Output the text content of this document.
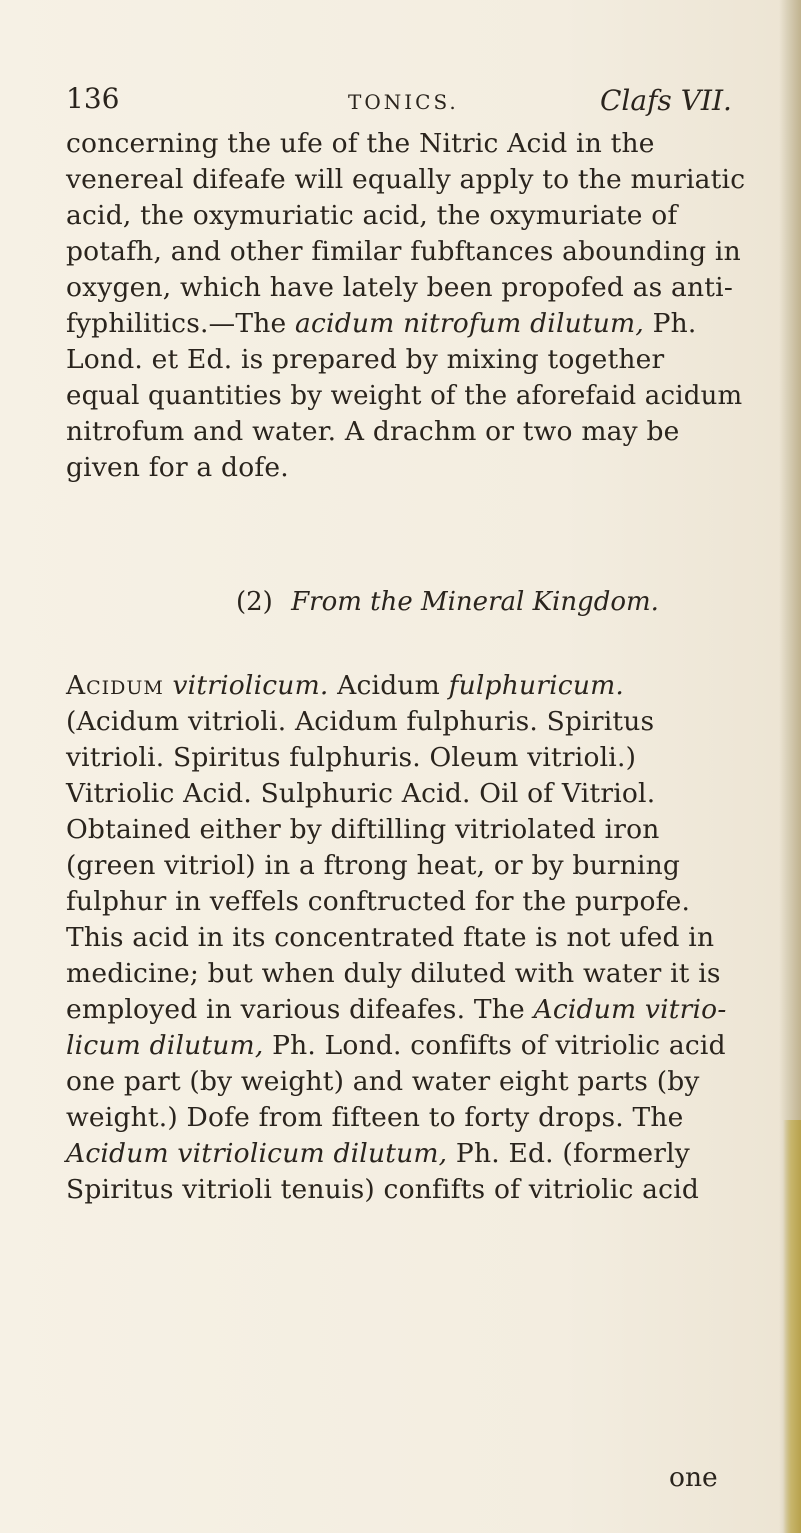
136	TONICS.	Clafs VII.
concerning the ufe of the Nitric Acid in the
venereal difeafe will equally apply to the muriatic
acid, the oxymuriatic acid, the oxymuriate of
potafh, and other fimilar fubftances abounding in
oxygen, which have lately been propofed as anti-
fyphilitics.—The acidum nitrofum dilutum, Ph.
Lond. et Ed. is prepared by mixing together
equal quantities by weight of the aforefaid acidum
nitrofum and water. A drachm or two may be
given for a dofe.
(2) From the Mineral Kingdom.
Acidum vitriolicum. Acidum fulphuricum.
(Acidum vitrioli. Acidum fulphuris. Spiritus
vitrioli. Spiritus fulphuris. Oleum vitrioli.)
Vitriolic Acid. Sulphuric Acid. Oil of Vitriol.
Obtained either by diftilling vitriolated iron
(green vitriol) in a ftrong heat, or by burning
fulphur in veffels conftructed for the purpofe.
This acid in its concentrated ftate is not ufed in
medicine; but when duly diluted with water it is
employed in various difeafes. The Acidum vitrio-
licum dilutum, Ph. Lond. confifts of vitriolic acid
one part (by weight) and water eight parts (by
weight.) Dofe from fifteen to forty drops. The
Acidum vitriolicum dilutum, Ph. Ed. (formerly
Spiritus vitrioli tenuis) confifts of vitriolic acid
one
